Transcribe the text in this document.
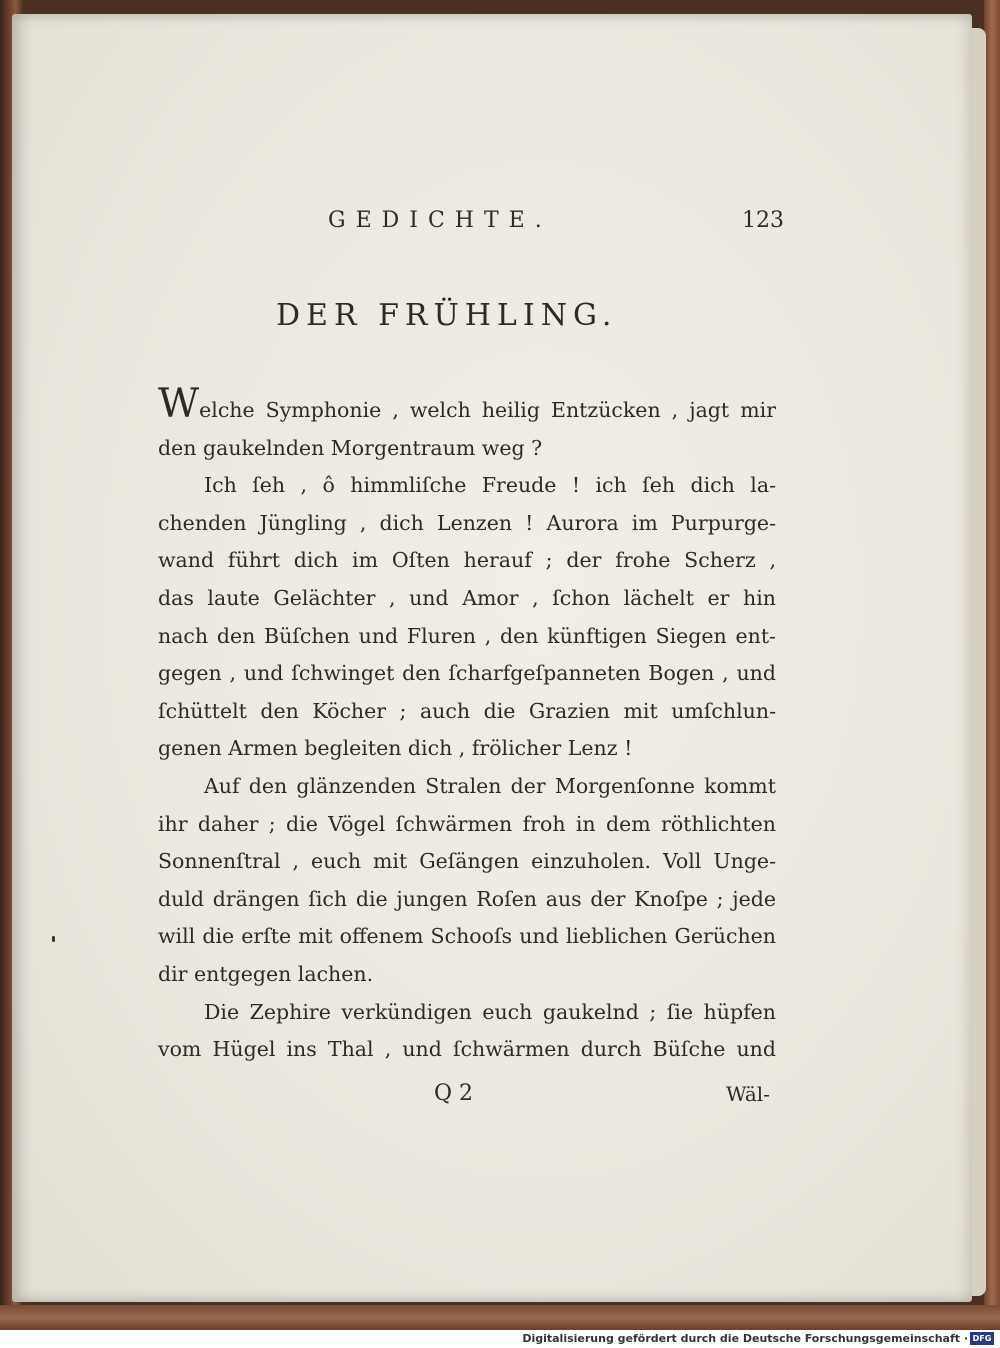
GEDICHTE.	123
DER FRÜHLING.
Welche Symphonie , welch heilig Entzücken , jagt mir
den gaukelnden Morgentraum weg ?
Ich ſeh , ô himmliſche Freude ! ich ſeh dich la-
chenden Jüngling , dich Lenzen ! Aurora im Purpurge-
wand führt dich im Oſten herauf ; der frohe Scherz ,
das laute Gelächter , und Amor , ſchon lächelt er hin
nach den Büſchen und Fluren , den künftigen Siegen ent-
gegen , und ſchwinget den ſcharfgeſpanneten Bogen , und
ſchüttelt den Köcher ; auch die Grazien mit umſchlun-
genen Armen begleiten dich , frölicher Lenz !
Auf den glänzenden Stralen der Morgenſonne kommt
ihr daher ; die Vögel ſchwärmen froh in dem röthlichten
Sonnenſtral , euch mit Geſängen einzuholen. Voll Unge-
duld drängen ſich die jungen Roſen aus der Knoſpe ; jede
will die erſte mit offenem Schooſs und lieblichen Gerüchen
dir entgegen lachen.
Die Zephire verkündigen euch gaukelnd ; ſie hüpfen
vom Hügel ins Thal , und ſchwärmen durch Büſche und
Q 2	Wäl-
Digitalisierung gefördert durch die Deutsche Forschungsgemeinschaft · DFG
